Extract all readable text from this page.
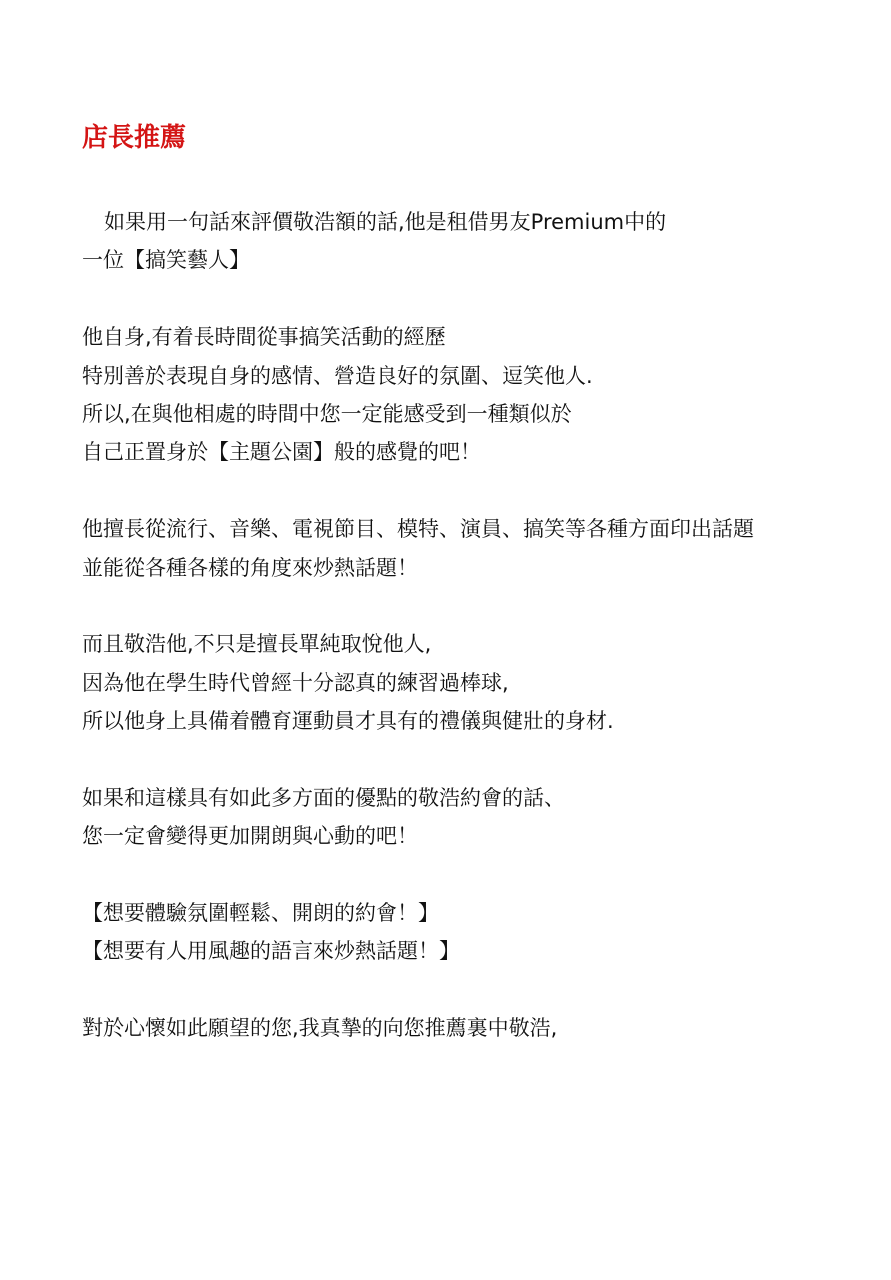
店長推薦
如果用一句話來評價敬浩額的話,他是租借男友Premium中的
一位【搞笑藝人】
他自身,有着長時間從事搞笑活動的經歷
特別善於表現自身的感情、營造良好的氛圍、逗笑他人.
所以,在與他相處的時間中您一定能感受到一種類似於
自己正置身於【主題公園】般的感覺的吧！
他擅長從流行、音樂、電視節目、模特、演員、搞笑等各種方面印出話題
並能從各種各樣的角度來炒熱話題！
而且敬浩他,不只是擅長單純取悅他人,
因為他在學生時代曾經十分認真的練習過棒球,
所以他身上具備着體育運動員才具有的禮儀與健壯的身材.
如果和這樣具有如此多方面的優點的敬浩約會的話、
您一定會變得更加開朗與心動的吧！
【想要體驗氛圍輕鬆、開朗的約會！】
【想要有人用風趣的語言來炒熱話題！】
對於心懷如此願望的您,我真摯的向您推薦裏中敬浩,
